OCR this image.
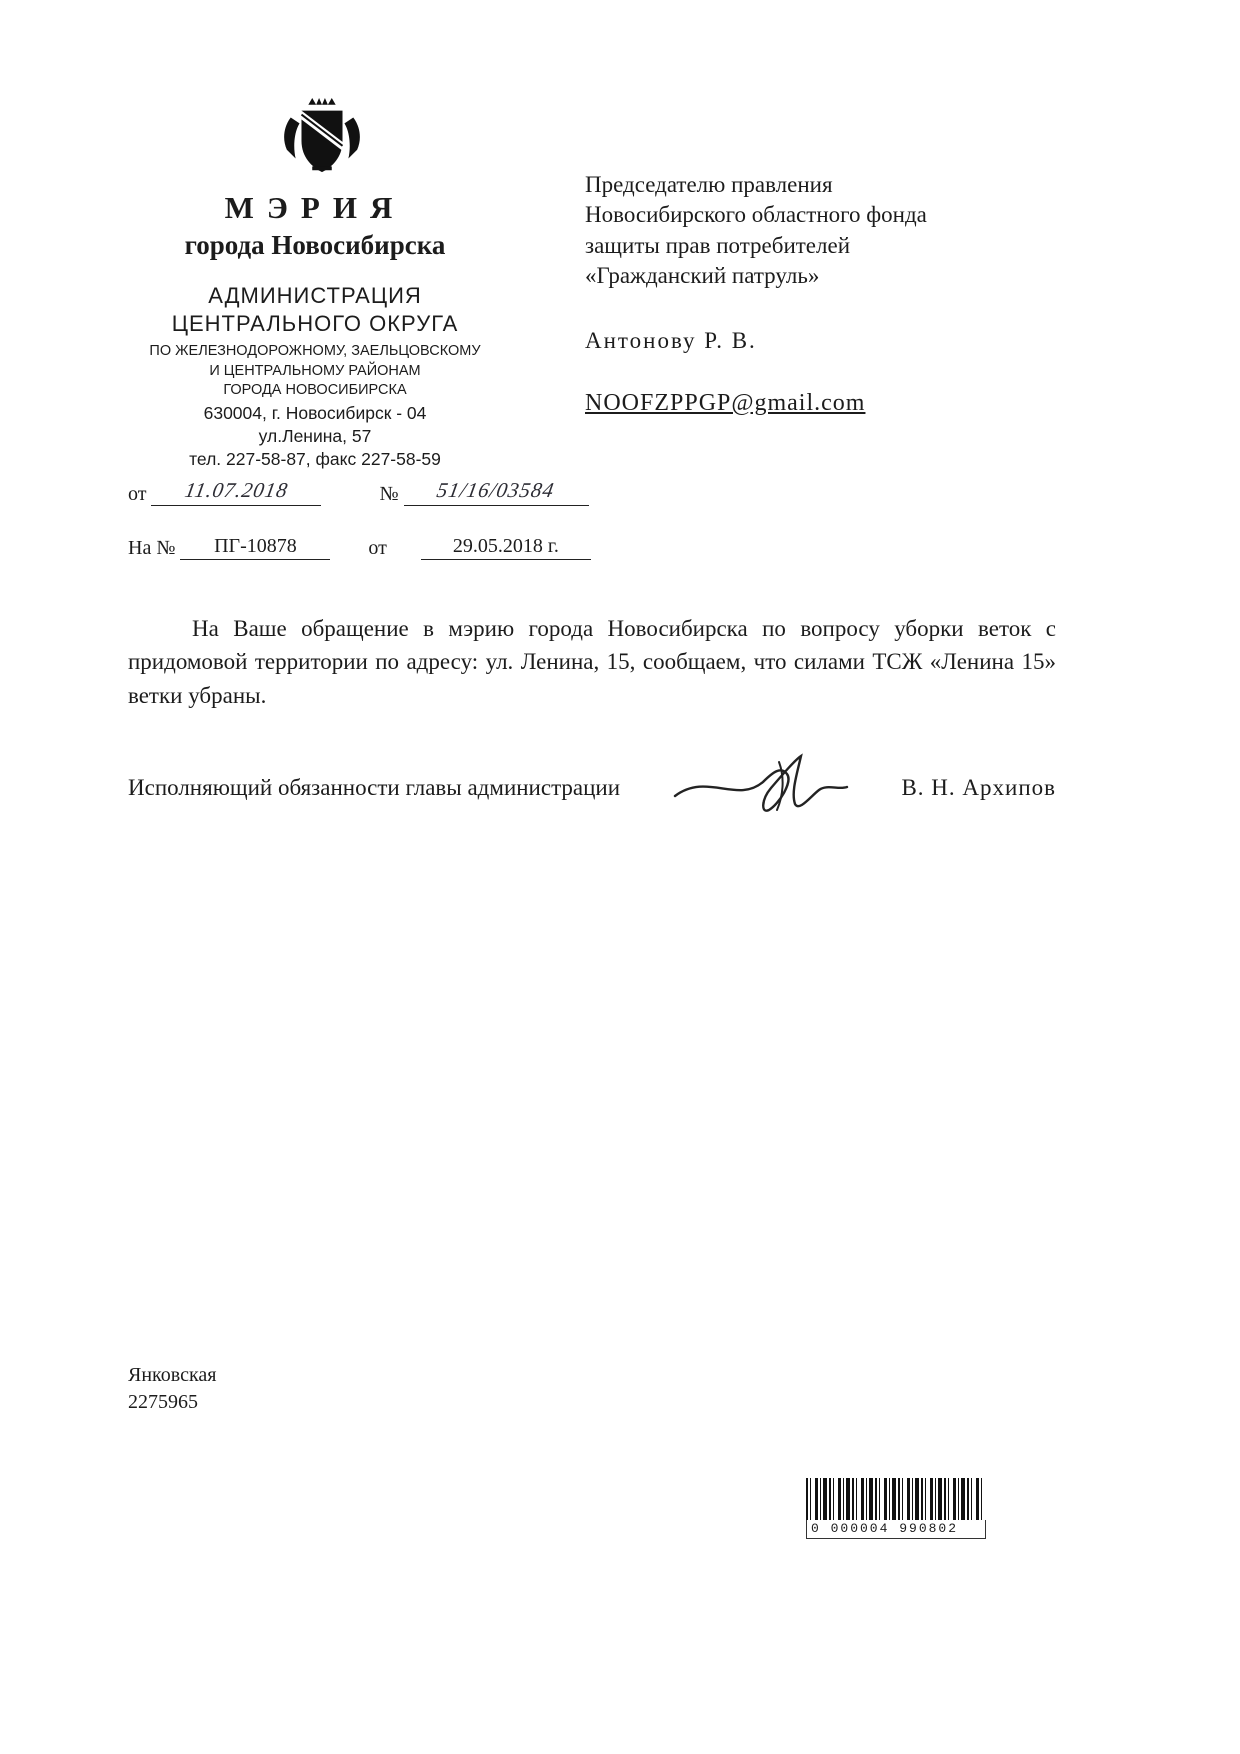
МЭРИЯ
города Новосибирска
АДМИНИСТРАЦИЯ
ЦЕНТРАЛЬНОГО ОКРУГА
ПО ЖЕЛЕЗНОДОРОЖНОМУ, ЗАЕЛЬЦОВСКОМУ
И ЦЕНТРАЛЬНОМУ РАЙОНАМ
ГОРОДА НОВОСИБИРСКА
630004, г. Новосибирск - 04
ул.Ленина, 57
тел. 227-58-87, факс 227-58-59
от 11.07.2018	№ 51/16/03584
На № ПГ-10878	от	29.05.2018 г.
Председателю правления
Новосибирского областного фонда
защиты прав потребителей
«Гражданский патруль»
Антонову Р. В.
NOOFZPPGP@gmail.com
На Ваше обращение в мэрию города Новосибирска по вопросу уборки веток с придомовой территории по адресу: ул. Ленина, 15, сообщаем, что силами ТСЖ «Ленина 15» ветки убраны.
Исполняющий обязанности главы администрации	В. Н. Архипов
Янковская
2275965
0 000004 990802
